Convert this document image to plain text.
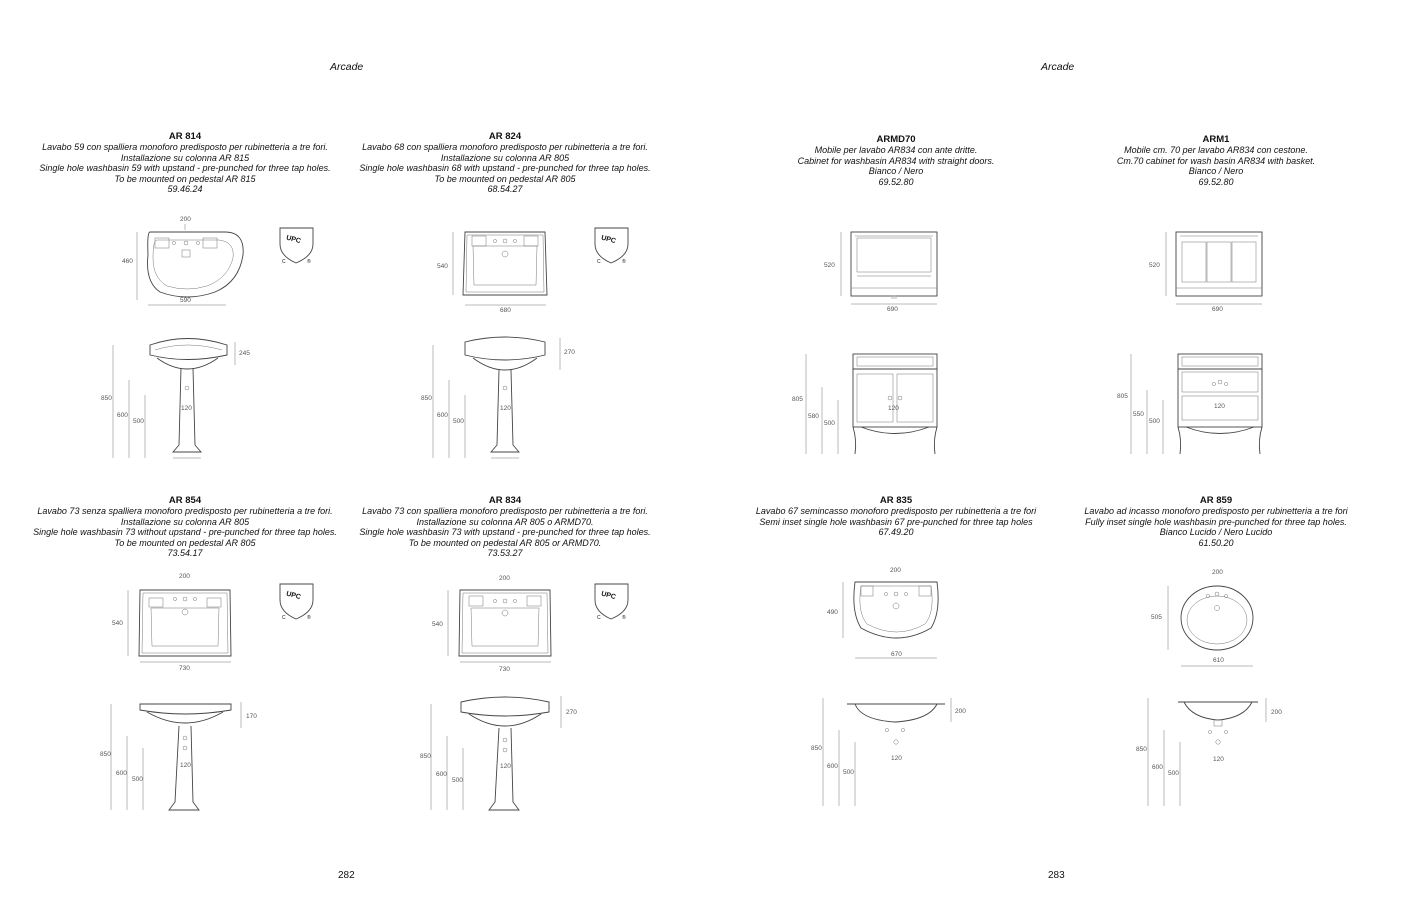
Arcade
AR 814
Lavabo 59 con spalliera monoforo predisposto per rubinetteria a tre fori.
Installazione su colonna AR 815
Single hole washbasin 59 with upstand - pre-punched for three tap holes.
To be mounted on pedestal AR 815
59.46.24
AR 824
Lavabo 68 con spalliera monoforo predisposto per rubinetteria a tre fori.
Installazione su colonna AR 805
Single hole washbasin 68 with upstand - pre-punched for three tap holes.
To be mounted on pedestal AR 805
68.54.27
AR 854
Lavabo 73 senza spalliera monoforo predisposto per rubinetteria a tre fori.
Installazione su colonna AR 805
Single hole washbasin 73 without upstand - pre-punched for three tap holes.
To be mounted on pedestal AR 805
73.54.17
AR 834
Lavabo 73 con spalliera monoforo predisposto per rubinetteria a tre fori.
Installazione su colonna AR 805 o ARMD70.
Single hole washbasin 73 with upstand - pre-punched for three tap holes.
To be mounted on pedestal AR 805 or ARMD70.
73.53.27
200
460
590
UPC
C	®
120
850
600
500
245
540
680
UPC
C	®
120
850
600
500
270
200
540
730
UPC
C	®
120
850
600
500
170
200
540
730
UPC
C	®
120
850
600
500
270
282
Arcade
ARMD70
Mobile per lavabo AR834 con ante dritte.
Cabinet for washbasin AR834 with straight doors.
Bianco / Nero
69.52.80
ARM1
Mobile cm. 70 per lavabo AR834 con cestone.
Cm.70 cabinet for wash basin AR834 with basket.
Bianco / Nero
69.52.80
AR 835
Lavabo 67 semincasso monoforo predisposto per rubinetteria a tre fori
Semi inset single hole washbasin 67 pre-punched for three tap holes
67.49.20
AR 859
Lavabo ad incasso monoforo predisposto per rubinetteria a tre fori
Fully inset single hole washbasin pre-punched for three tap holes.
Bianco Lucido / Nero Lucido
61.50.20
520
690
120
805
580
500
520
690
120
805
550
500
200
490
670
120
850
600
500
200
200
505
610
120
850
600
500
200
283
